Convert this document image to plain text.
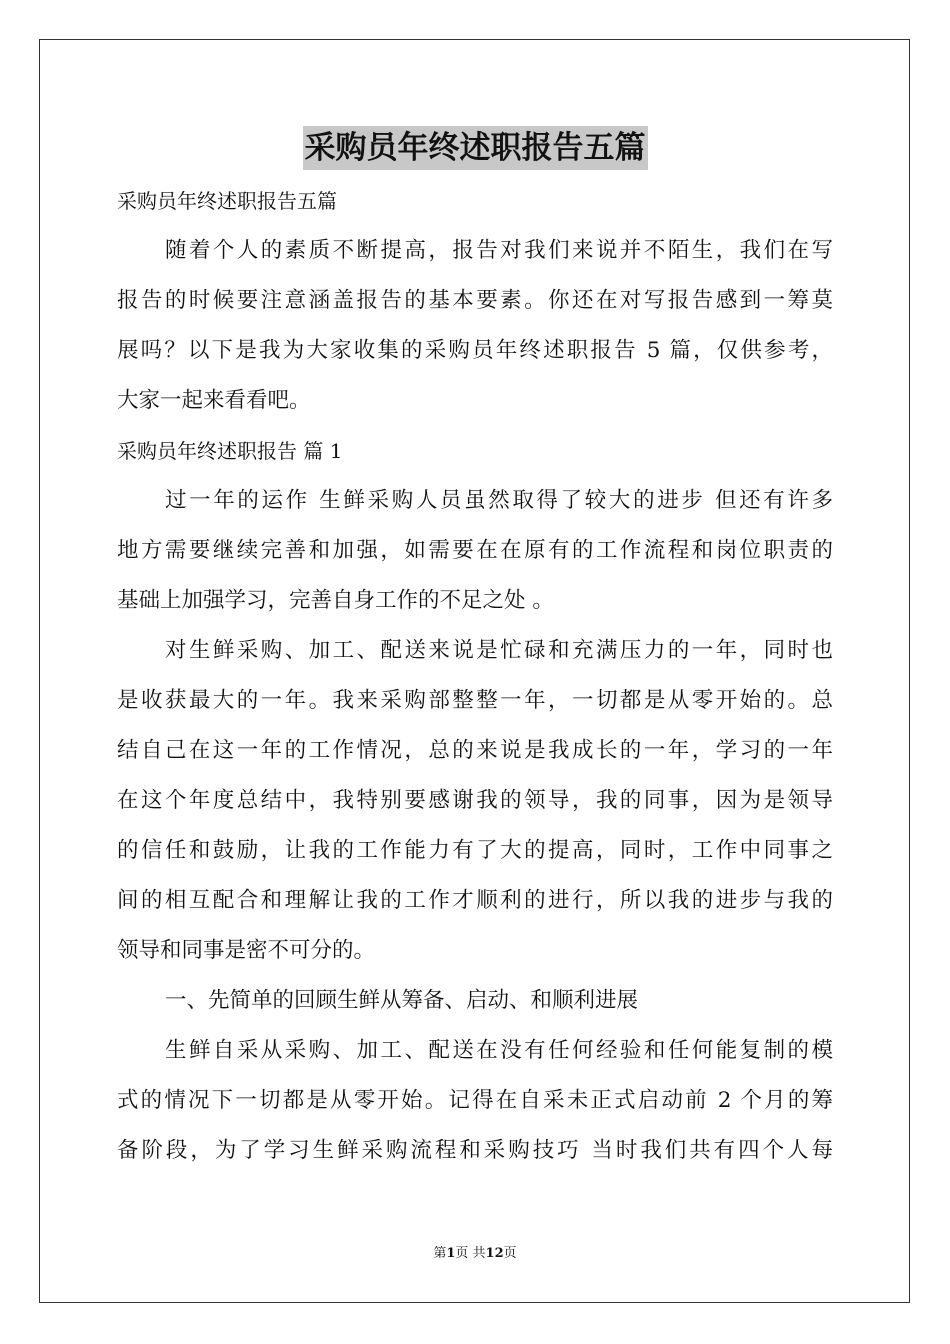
采购员年终述职报告五篇
采购员年终述职报告五篇
随着个人的素质不断提高，报告对我们来说并不陌生，我们在写
报告的时候要注意涵盖报告的基本要素。你还在对写报告感到一筹莫
展吗？以下是我为大家收集的采购员年终述职报告 5 篇，仅供参考，
大家一起来看看吧。
采购员年终述职报告 篇 1
过一年的运作 生鲜采购人员虽然取得了较大的进步 但还有许多
地方需要继续完善和加强，如需要在在原有的工作流程和岗位职责的
基础上加强学习，完善自身工作的不足之处 。
对生鲜采购、加工、配送来说是忙碌和充满压力的一年，同时也
是收获最大的一年。我来采购部整整一年，一切都是从零开始的。总
结自己在这一年的工作情况，总的来说是我成长的一年，学习的一年
在这个年度总结中，我特别要感谢我的领导，我的同事，因为是领导
的信任和鼓励，让我的工作能力有了大的提高，同时，工作中同事之
间的相互配合和理解让我的工作才顺利的进行，所以我的进步与我的
领导和同事是密不可分的。
一、先简单的回顾生鲜从筹备、启动、和顺利进展
生鲜自采从采购、加工、配送在没有任何经验和任何能复制的模
式的情况下一切都是从零开始。记得在自采未正式启动前 2 个月的筹
备阶段，为了学习生鲜采购流程和采购技巧 当时我们共有四个人每
第1页 共12页
